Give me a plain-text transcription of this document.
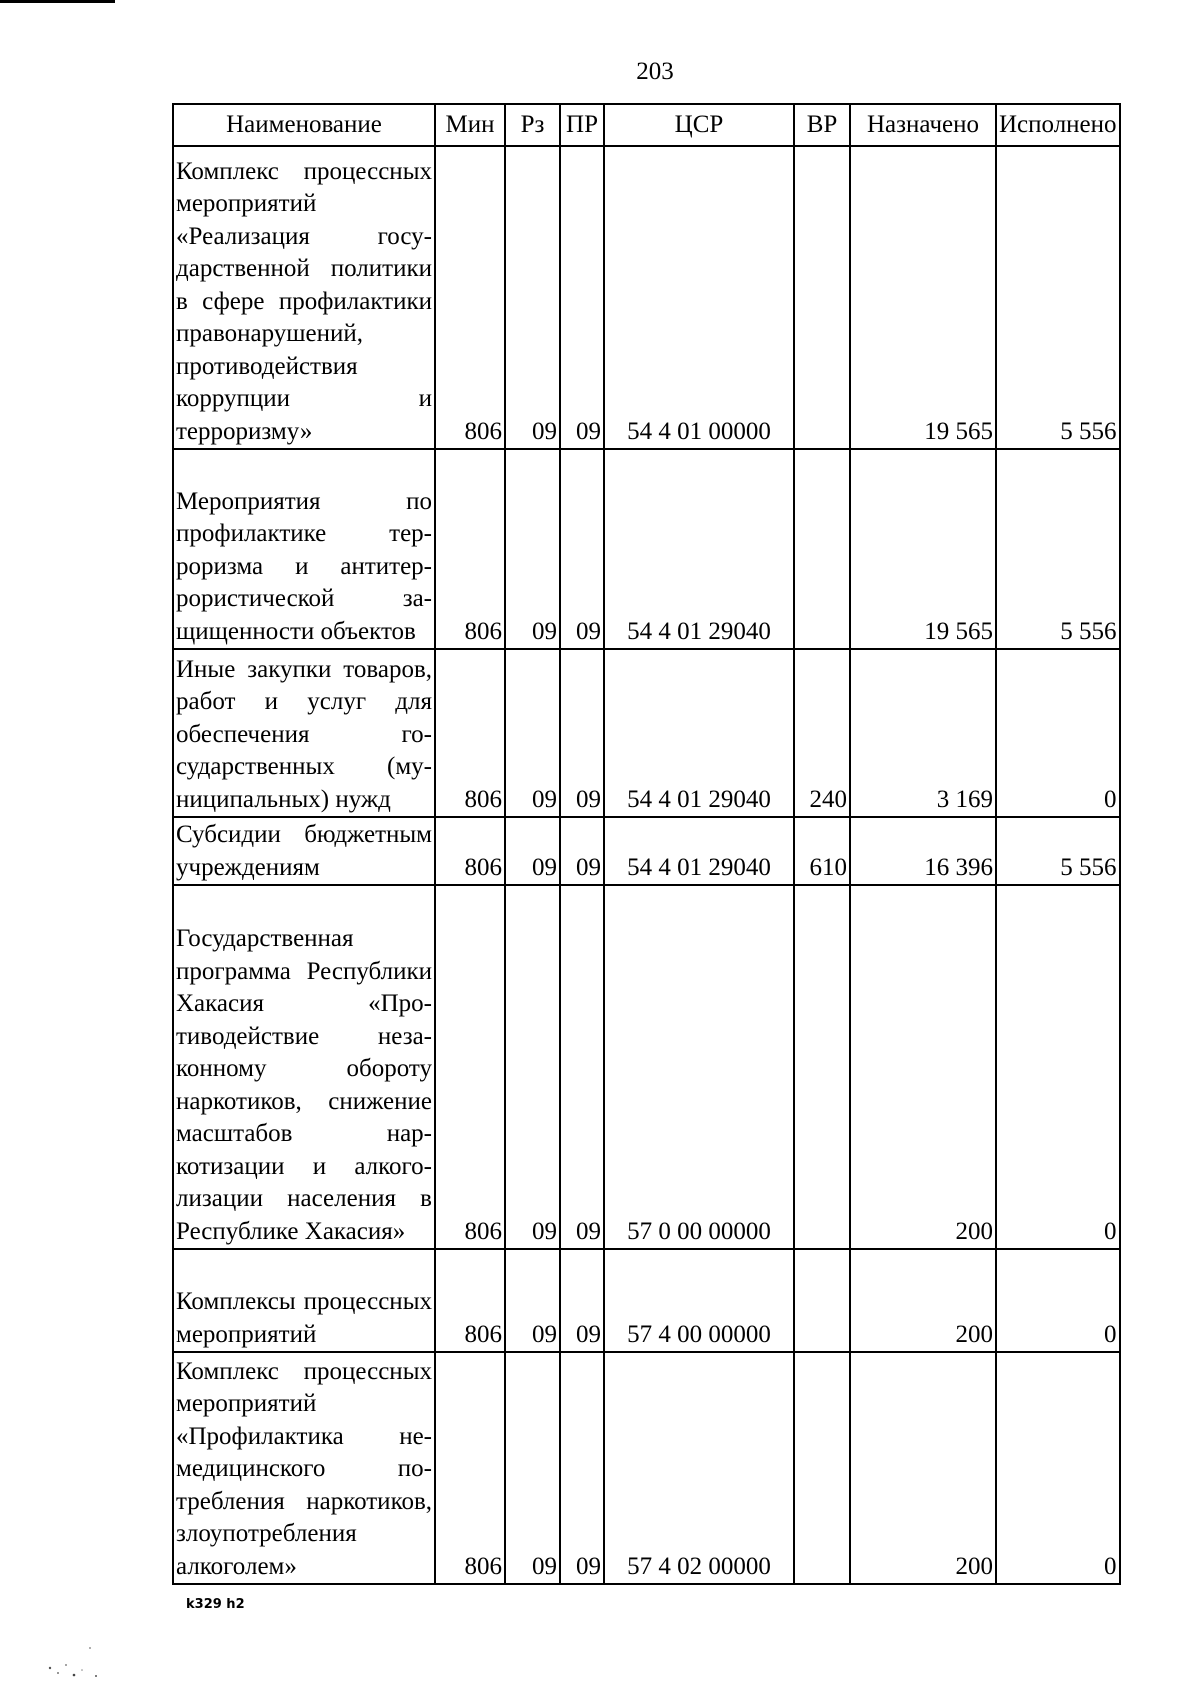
203
Наименование	Мин	Рз	ПР	ЦСР	ВР	Назначено	Исполнено
Комплекс процессных мероприятий «Реализация государственной политики в сфере профилактики правонарушений, противодействия коррупции и терроризму»	806	09	09	54 4 01 00000		19 565	5 556
Мероприятия по профилактике терроризма и антитеррористической защищенности объектов	806	09	09	54 4 01 29040		19 565	5 556
Иные закупки товаров, работ и услуг для обеспечения государственных (муниципальных) нужд	806	09	09	54 4 01 29040	240	3 169	0
Субсидии бюджетным учреждениям	806	09	09	54 4 01 29040	610	16 396	5 556
Государственная программа Республики Хакасия «Противодействие незаконному обороту наркотиков, снижение масштабов наркотизации и алкоголизации населения в Республике Хакасия»	806	09	09	57 0 00 00000		200	0
Комплексы процессных мероприятий	806	09	09	57 4 00 00000		200	0
Комплекс процессных мероприятий «Профилактика немедицинского потребления наркотиков, злоупотребления алкоголем»	806	09	09	57 4 02 00000		200	0
k329 h2
